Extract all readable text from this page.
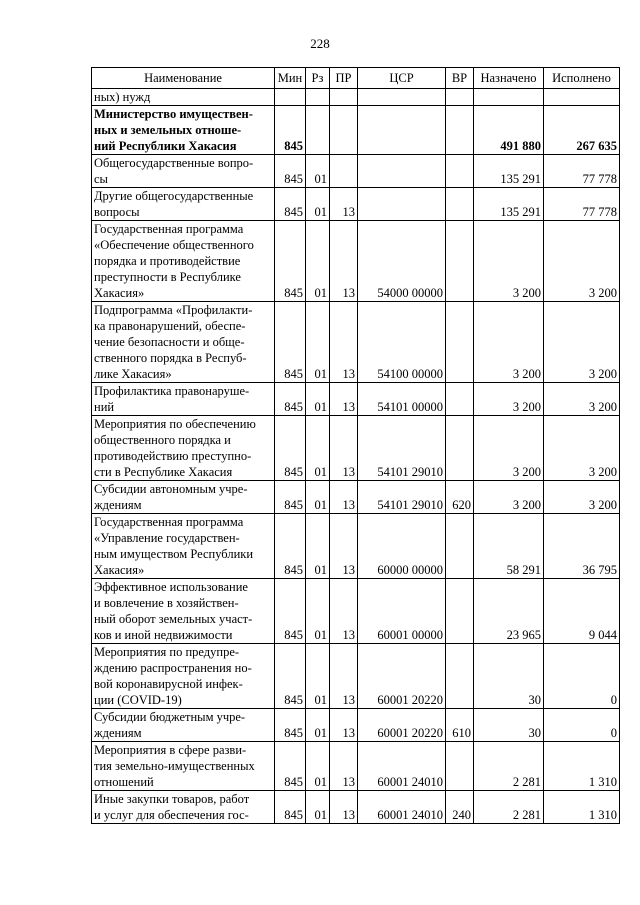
228
Наименование	Мин	Рз	ПР	ЦСР	ВР	Назначено	Исполнено
ных) нужд							
Министерство имуществен-
ных и земельных отноше-
ний Республики Хакасия	845					491 880	267 635
Общегосударственные вопро-
сы	845	01				135 291	77 778
Другие общегосударственные
вопросы	845	01	13			135 291	77 778
Государственная программа
«Обеспечение общественного
порядка и противодействие
преступности в Республике
Хакасия»	845	01	13	54000 00000		3 200	3 200
Подпрограмма «Профилакти-
ка правонарушений, обеспе-
чение безопасности и обще-
ственного порядка в Респуб-
лике Хакасия»	845	01	13	54100 00000		3 200	3 200
Профилактика правонаруше-
ний	845	01	13	54101 00000		3 200	3 200
Мероприятия по обеспечению
общественного порядка и
противодействию преступно-
сти в Республике Хакасия	845	01	13	54101 29010		3 200	3 200
Субсидии автономным учре-
ждениям	845	01	13	54101 29010	620	3 200	3 200
Государственная программа
«Управление государствен-
ным имуществом Республики
Хакасия»	845	01	13	60000 00000		58 291	36 795
Эффективное использование
и вовлечение в хозяйствен-
ный оборот земельных участ-
ков и иной недвижимости	845	01	13	60001 00000		23 965	9 044
Мероприятия по предупре-
ждению распространения но-
вой коронавирусной инфек-
ции (COVID-19)	845	01	13	60001 20220		30	0
Субсидии бюджетным учре-
ждениям	845	01	13	60001 20220	610	30	0
Мероприятия в сфере разви-
тия земельно-имущественных
отношений	845	01	13	60001 24010		2 281	1 310
Иные закупки товаров, работ
и услуг для обеспечения гос-	845	01	13	60001 24010	240	2 281	1 310
